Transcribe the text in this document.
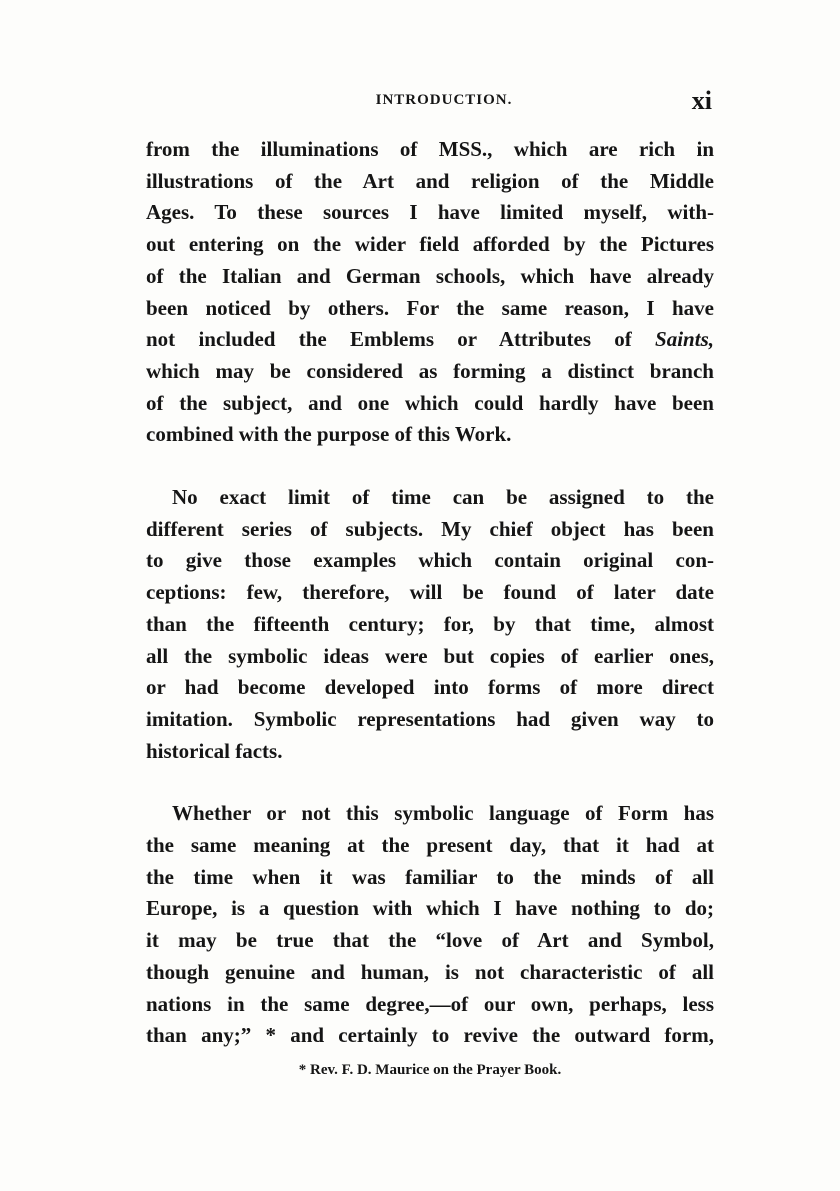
INTRODUCTION.	xi

from the illuminations of MSS., which are rich in
illustrations of the Art and religion of the Middle
Ages. To these sources I have limited myself, with-
out entering on the wider field afforded by the Pictures
of the Italian and German schools, which have already
been noticed by others. For the same reason, I have
not included the Emblems or Attributes of Saints,
which may be considered as forming a distinct branch
of the subject, and one which could hardly have been
combined with the purpose of this Work.

No exact limit of time can be assigned to the
different series of subjects. My chief object has been
to give those examples which contain original con-
ceptions: few, therefore, will be found of later date
than the fifteenth century; for, by that time, almost
all the symbolic ideas were but copies of earlier ones,
or had become developed into forms of more direct
imitation. Symbolic representations had given way to
historical facts.

Whether or not this symbolic language of Form has
the same meaning at the present day, that it had at
the time when it was familiar to the minds of all
Europe, is a question with which I have nothing to do;
it may be true that the “love of Art and Symbol,
though genuine and human, is not characteristic of all
nations in the same degree,—of our own, perhaps, less
than any;” * and certainly to revive the outward form,

* Rev. F. D. Maurice on the Prayer Book.
